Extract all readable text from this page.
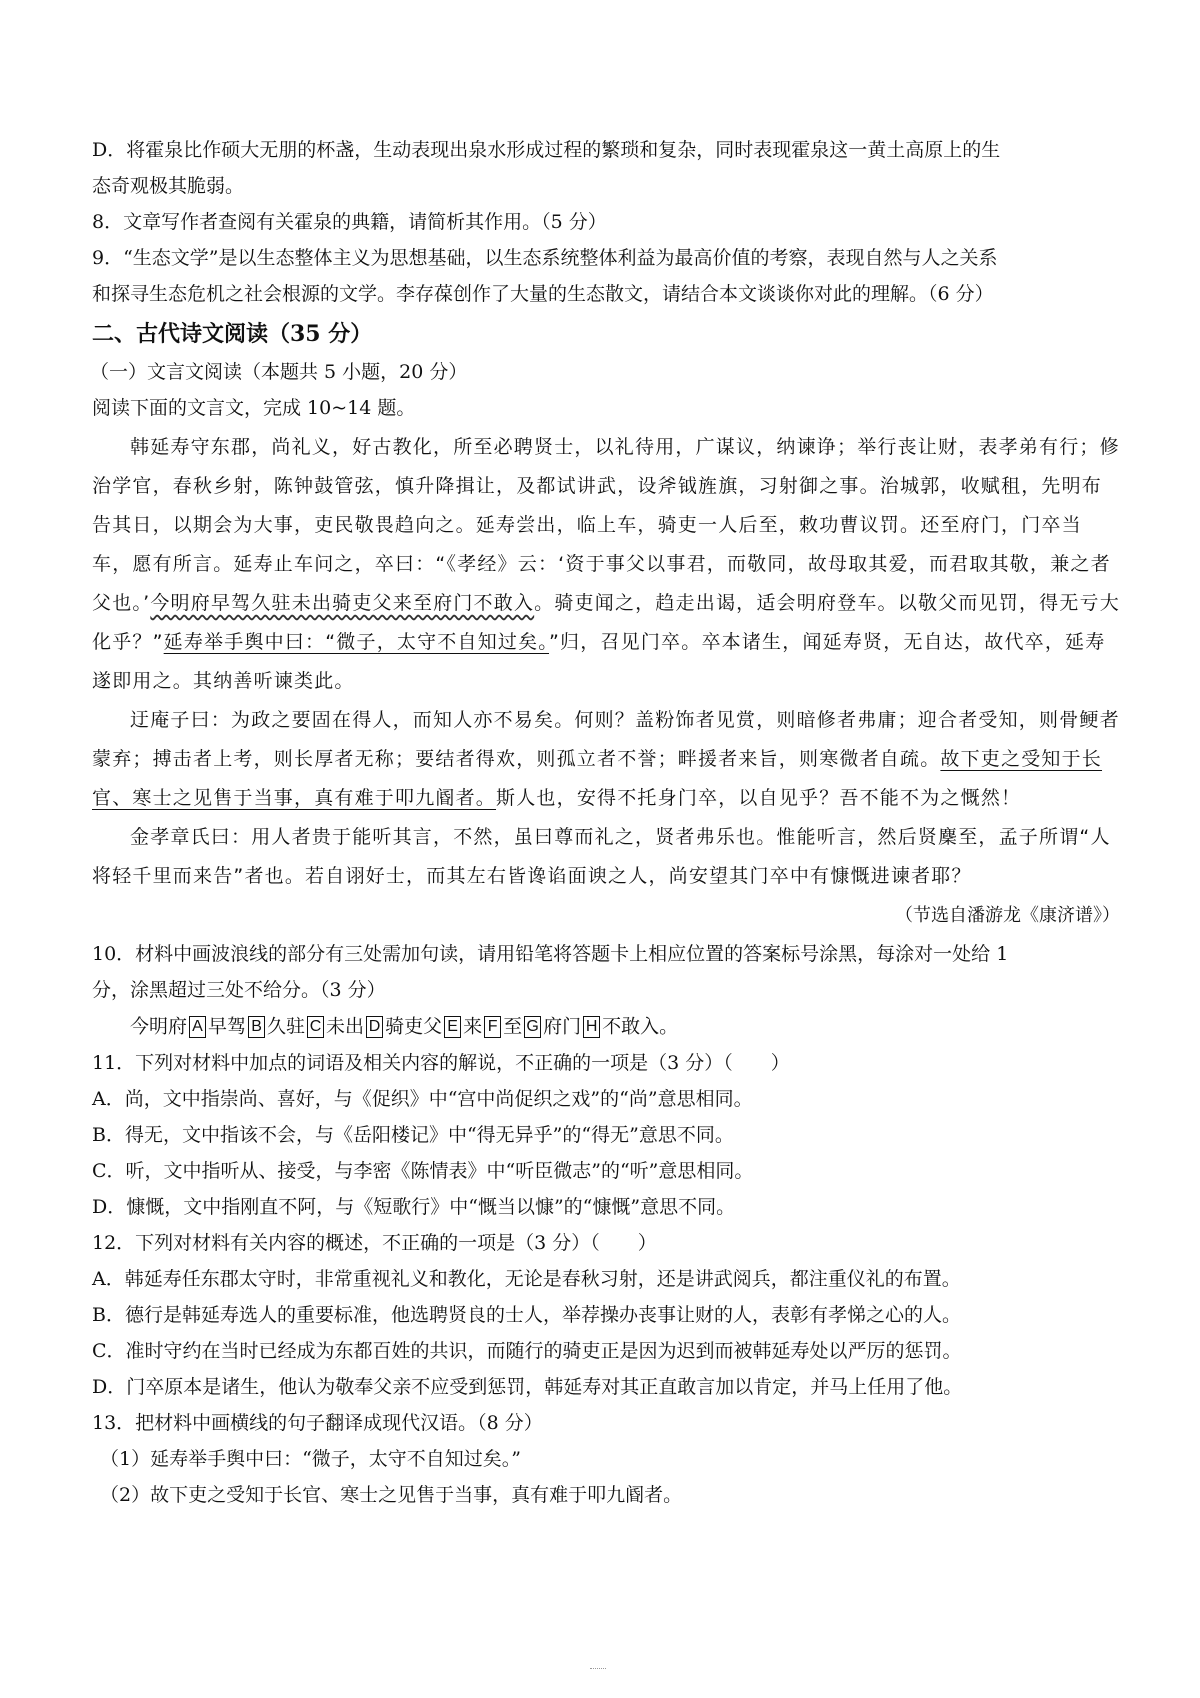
D．将霍泉比作硕大无朋的杯盏，生动表现出泉水形成过程的繁琐和复杂，同时表现霍泉这一黄土高原上的生

态奇观极其脆弱。

8．文章写作者查阅有关霍泉的典籍，请简析其作用。（5 分）

9．“生态文学”是以生态整体主义为思想基础，以生态系统整体利益为最高价值的考察，表现自然与人之关系

和探寻生态危机之社会根源的文学。李存葆创作了大量的生态散文，请结合本文谈谈你对此的理解。（6 分）

二、古代诗文阅读（35 分）

（一）文言文阅读（本题共 5 小题，20 分）

阅读下面的文言文，完成 10~14 题。

韩延寿守东郡，尚礼义，好古教化，所至必聘贤士，以礼待用，广谋议，纳谏诤；举行丧让财，表孝弟有行；修治学官，春秋乡射，陈钟鼓管弦，慎升降揖让，及都试讲武，设斧钺旌旗，习射御之事。治城郭，收赋租，先明布告其日，以期会为大事，吏民敬畏趋向之。延寿尝出，临上车，骑吏一人后至，敕功曹议罚。还至府门，门卒当车，愿有所言。延寿止车问之，卒曰：“《孝经》云：‘资于事父以事君，而敬同，故母取其爱，而君取其敬，兼之者父也。’今明府早驾久驻未出骑吏父来至府门不敢入。骑吏闻之，趋走出谒，适会明府登车。以敬父而见罚，得无亏大化乎？”延寿举手舆中曰：“微子，太守不自知过矣。”归，召见门卒。卒本诸生，闻延寿贤，无自达，故代卒，延寿遂即用之。其纳善听谏类此。

迂庵子曰：为政之要固在得人，而知人亦不易矣。何则？盖粉饰者见赏，则暗修者弗庸；迎合者受知，则骨鲠者蒙弃；搏击者上考，则长厚者无称；要结者得欢，则孤立者不誉；畔援者来旨，则寒微者自疏。故下吏之受知于长官、寒士之见售于当事，真有难于叩九阍者。斯人也，安得不托身门卒，以自见乎？吾不能不为之慨然！

金孝章氏曰：用人者贵于能听其言，不然，虽曰尊而礼之，贤者弗乐也。惟能听言，然后贤麇至，孟子所谓“人将轻千里而来告”者也。若自诩好士，而其左右皆谗谄面谀之人，尚安望其门卒中有慷慨进谏者耶？

（节选自潘游龙《康济谱》）

10．材料中画波浪线的部分有三处需加句读，请用铅笔将答题卡上相应位置的答案标号涂黑，每涂对一处给 1

分，涂黑超过三处不给分。（3 分）

今明府 A 早驾 B 久驻 C 未出 D 骑吏父 E 来 F 至 G 府门 H 不敢入。

11．下列对材料中加点的词语及相关内容的解说，不正确的一项是（3 分）（　　）

A．尚，文中指崇尚、喜好，与《促织》中“宫中尚促织之戏”的“尚”意思相同。

B．得无，文中指该不会，与《岳阳楼记》中“得无异乎”的“得无”意思不同。

C．听，文中指听从、接受，与李密《陈情表》中“听臣微志”的“听”意思相同。

D．慷慨，文中指刚直不阿，与《短歌行》中“慨当以慷”的“慷慨”意思不同。

12．下列对材料有关内容的概述，不正确的一项是（3 分）（　　）

A．韩延寿任东郡太守时，非常重视礼义和教化，无论是春秋习射，还是讲武阅兵，都注重仪礼的布置。

B．德行是韩延寿选人的重要标准，他选聘贤良的士人，举荐操办丧事让财的人，表彰有孝悌之心的人。

C．准时守约在当时已经成为东都百姓的共识，而随行的骑吏正是因为迟到而被韩延寿处以严厉的惩罚。

D．门卒原本是诸生，他认为敬奉父亲不应受到惩罚，韩延寿对其正直敢言加以肯定，并马上任用了他。

13．把材料中画横线的句子翻译成现代汉语。（8 分）

（1）延寿举手舆中曰：“微子，太守不自知过矣。”

（2）故下吏之受知于长官、寒士之见售于当事，真有难于叩九阍者。
